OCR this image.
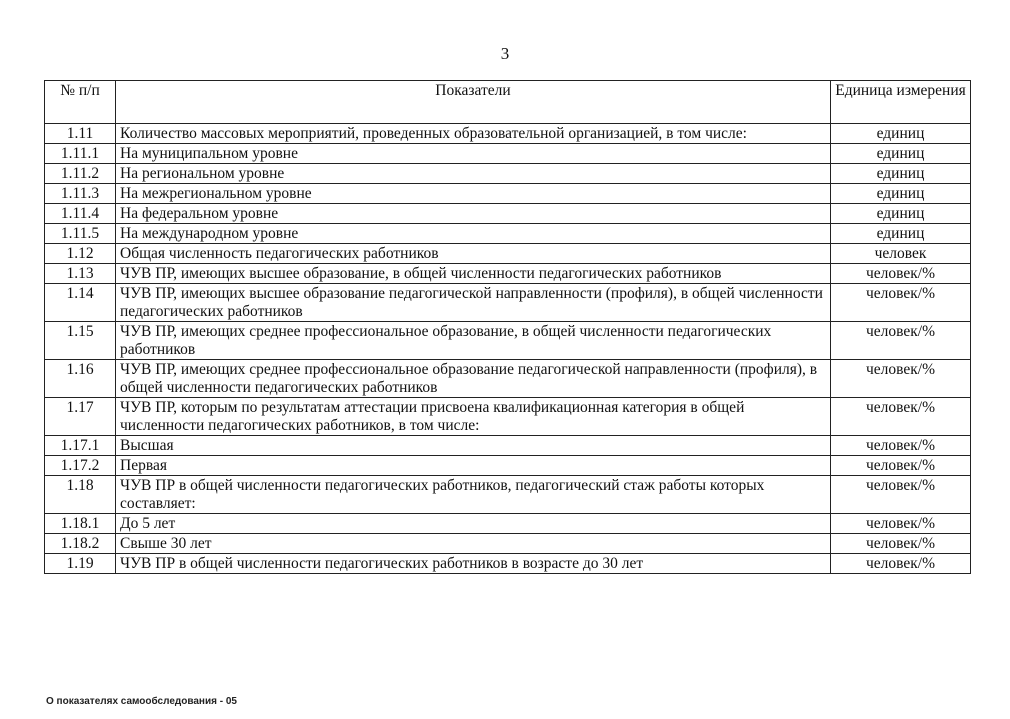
3
№ п/п	Показатели	Единица измерения
1.11	Количество массовых мероприятий, проведенных образовательной организацией, в том числе:	единиц
1.11.1	На муниципальном уровне	единиц
1.11.2	На региональном уровне	единиц
1.11.3	На межрегиональном уровне	единиц
1.11.4	На федеральном уровне	единиц
1.11.5	На международном уровне	единиц
1.12	Общая численность педагогических работников	человек
1.13	ЧУВ ПР, имеющих высшее образование, в общей численности педагогических работников	человек/%
1.14	ЧУВ ПР, имеющих высшее образование педагогической направленности (профиля), в общей численности педагогических работников	человек/%
1.15	ЧУВ ПР, имеющих среднее профессиональное образование, в общей численности педагогических работников	человек/%
1.16	ЧУВ ПР, имеющих среднее профессиональное образование педагогической направленности (профиля), в общей численности педагогических работников	человек/%
1.17	ЧУВ ПР, которым по результатам аттестации присвоена квалификационная категория в общей численности педагогических работников, в том числе:	человек/%
1.17.1	Высшая	человек/%
1.17.2	Первая	человек/%
1.18	ЧУВ ПР в общей численности педагогических работников, педагогический стаж работы которых составляет:	человек/%
1.18.1	До 5 лет	человек/%
1.18.2	Свыше 30 лет	человек/%
1.19	ЧУВ ПР в общей численности педагогических работников в возрасте до 30 лет	человек/%
О показателях самообследования - 05
